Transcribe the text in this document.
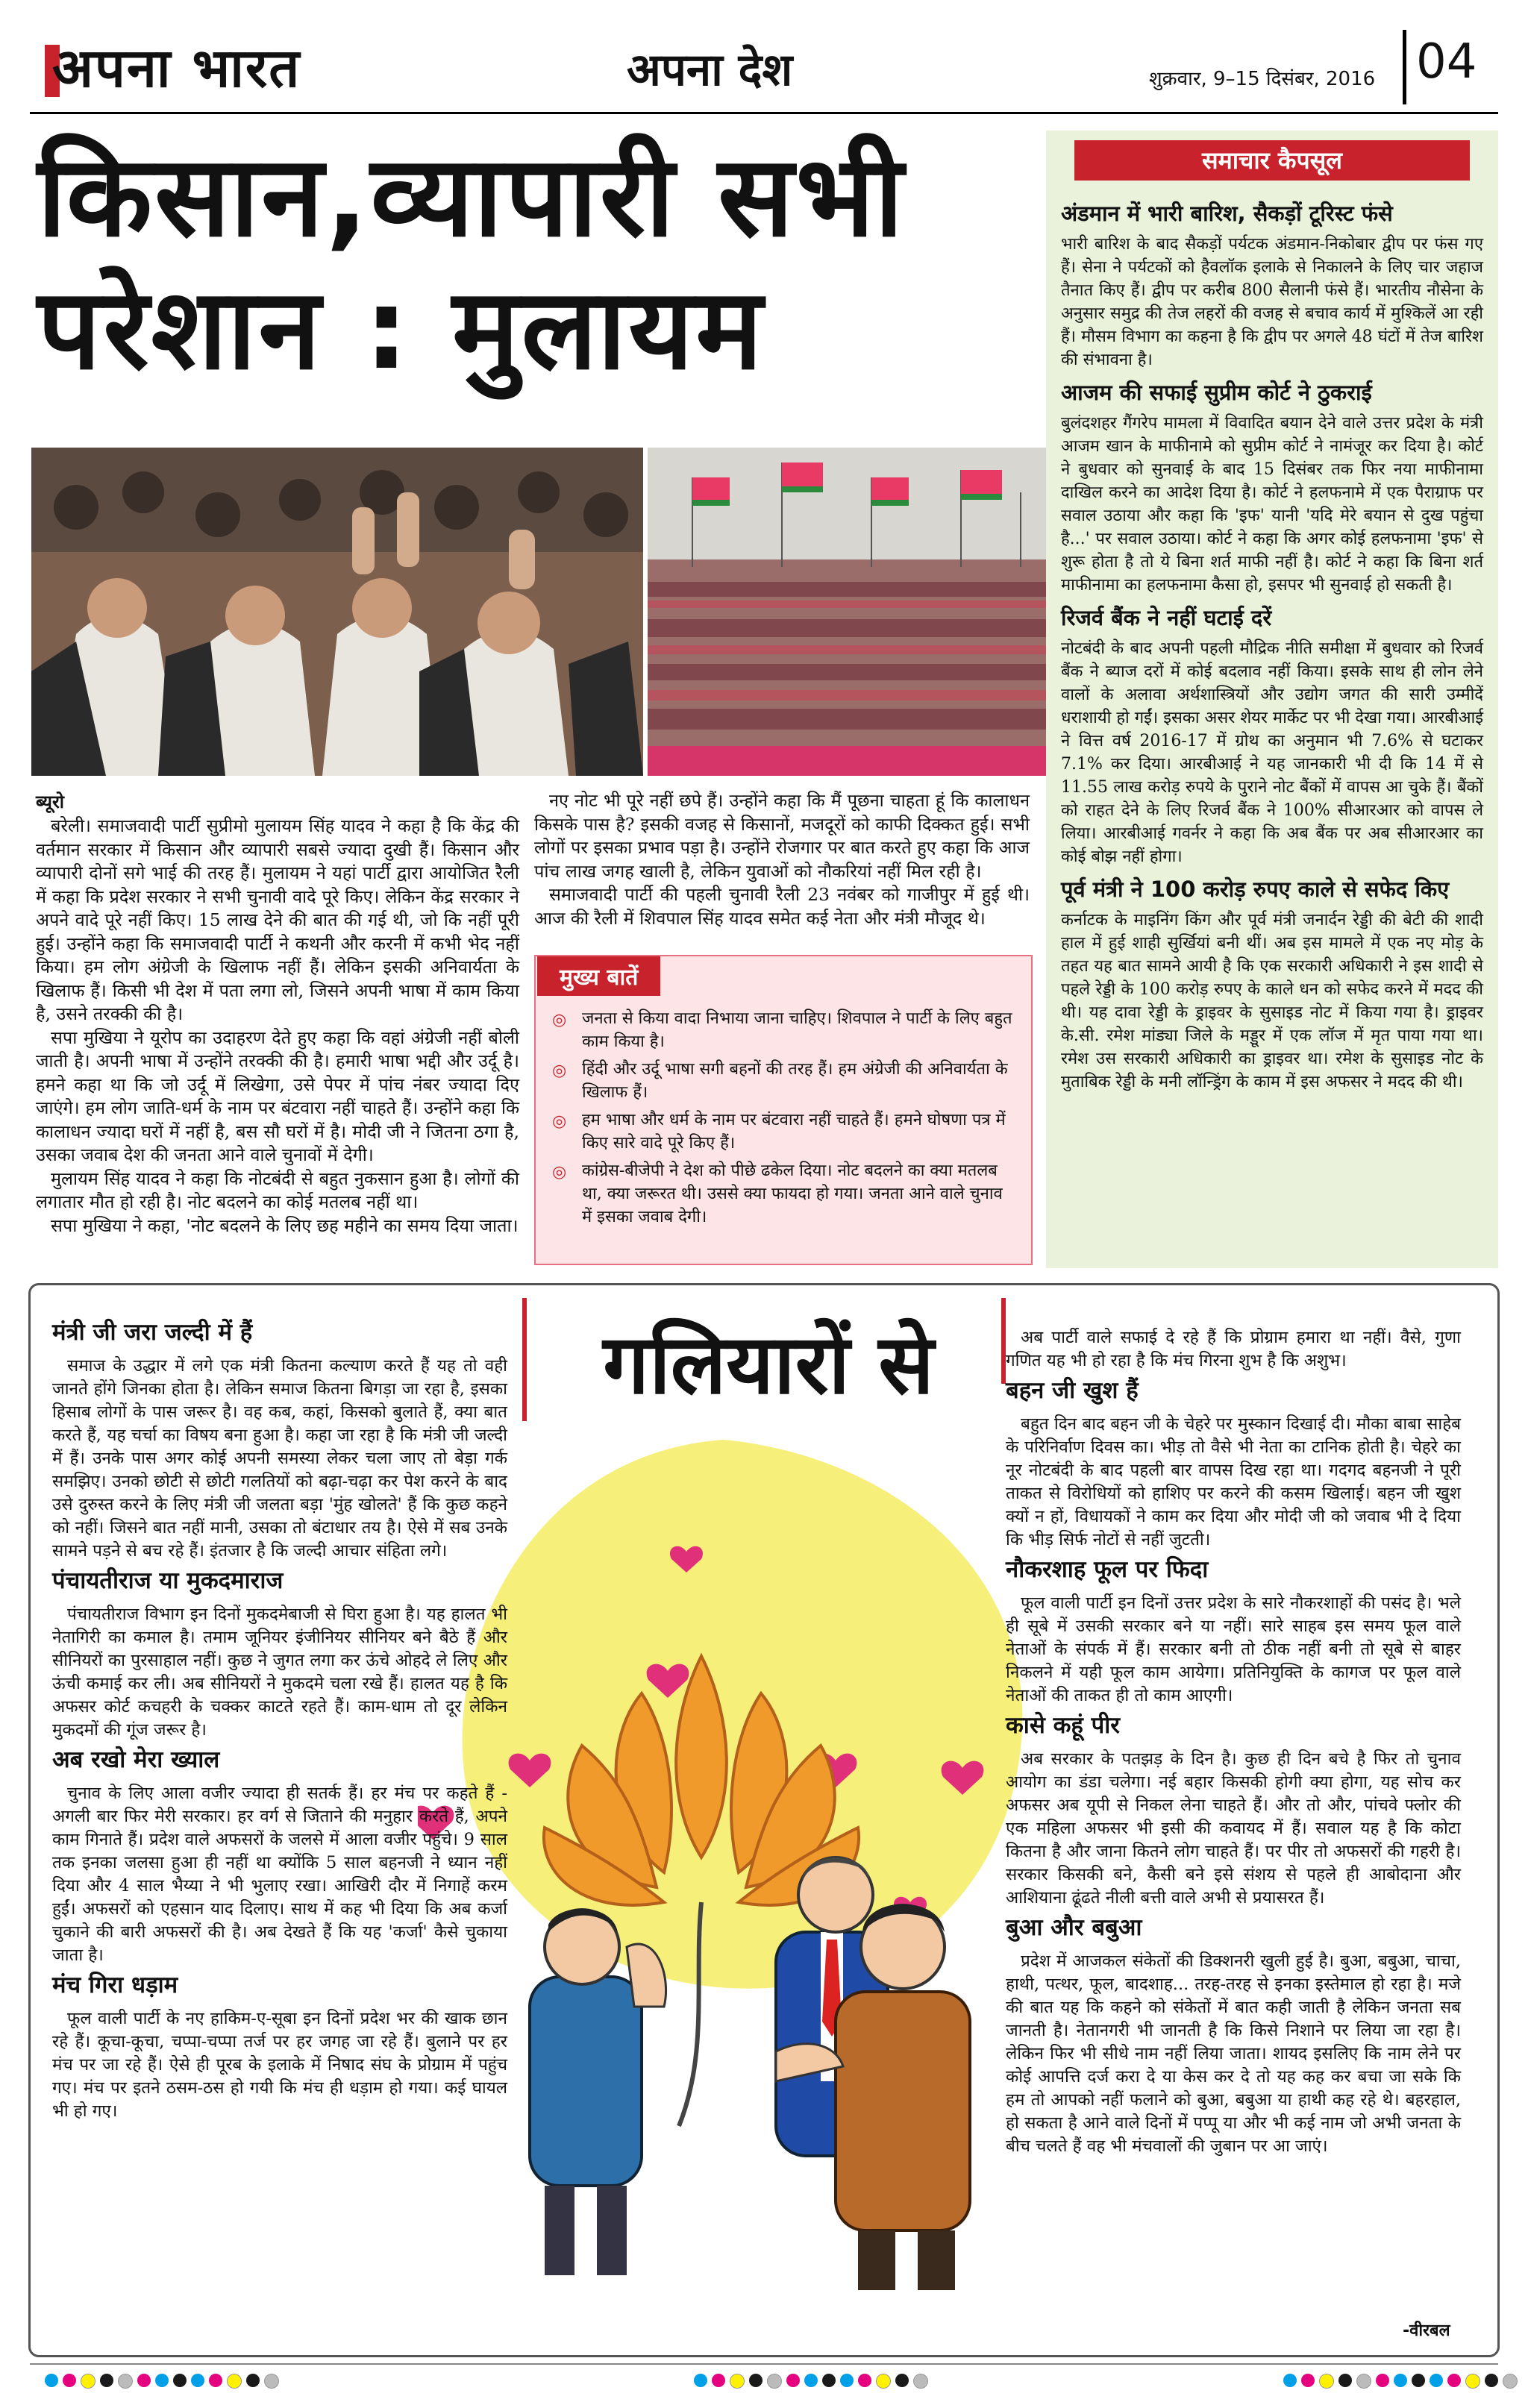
अपना भारत	अपना देश	शुक्रवार, 9–15 दिसंबर, 2016 04
किसान,व्यापारी सभी
परेशान : मुलायम
ब्यूरो

बरेली। समाजवादी पार्टी सुप्रीमो मुलायम सिंह यादव ने कहा है कि केंद्र की वर्तमान सरकार में किसान और व्यापारी सबसे ज्यादा दुखी हैं। किसान और व्यापारी दोनों सगे भाई की तरह हैं। मुलायम ने यहां पार्टी द्वारा आयोजित रैली में कहा कि प्रदेश सरकार ने सभी चुनावी वादे पूरे किए। लेकिन केंद्र सरकार ने अपने वादे पूरे नहीं किए। 15 लाख देने की बात की गई थी, जो कि नहीं पूरी हुई। उन्होंने कहा कि समाजवादी पार्टी ने कथनी और करनी में कभी भेद नहीं किया। हम लोग अंग्रेजी के खिलाफ नहीं हैं। लेकिन इसकी अनिवार्यता के खिलाफ हैं। किसी भी देश में पता लगा लो, जिसने अपनी भाषा में काम किया है, उसने तरक्की की है।

सपा मुखिया ने यूरोप का उदाहरण देते हुए कहा कि वहां अंग्रेजी नहीं बोली जाती है। अपनी भाषा में उन्होंने तरक्की की है। हमारी भाषा भद्दी और उर्दू है। हमने कहा था कि जो उर्दू में लिखेगा, उसे पेपर में पांच नंबर ज्यादा दिए जाएंगे। हम लोग जाति-धर्म के नाम पर बंटवारा नहीं चाहते हैं। उन्होंने कहा कि कालाधन ज्यादा घरों में नहीं है, बस सौ घरों में है। मोदी जी ने जितना ठगा है, उसका जवाब देश की जनता आने वाले चुनावों में देगी।

मुलायम सिंह यादव ने कहा कि नोटबंदी से बहुत नुकसान हुआ है। लोगों की लगातार मौत हो रही है। नोट बदलने का कोई मतलब नहीं था।

सपा मुखिया ने कहा, 'नोट बदलने के लिए छह महीने का समय दिया जाता।

नए नोट भी पूरे नहीं छपे हैं। उन्होंने कहा कि मैं पूछना चाहता हूं कि कालाधन किसके पास है? इसकी वजह से किसानों, मजदूरों को काफी दिक्कत हुई। सभी लोगों पर इसका प्रभाव पड़ा है। उन्होंने रोजगार पर बात करते हुए कहा कि आज पांच लाख जगह खाली है, लेकिन युवाओं को नौकरियां नहीं मिल रही है।

समाजवादी पार्टी की पहली चुनावी रैली 23 नवंबर को गाजीपुर में हुई थी। आज की रैली में शिवपाल सिंह यादव समेत कई नेता और मंत्री मौजूद थे।

मुख्य बातें
◎ जनता से किया वादा निभाया जाना चाहिए। शिवपाल ने पार्टी के लिए बहुत काम किया है।
◎ हिंदी और उर्दू भाषा सगी बहनों की तरह हैं। हम अंग्रेजी की अनिवार्यता के खिलाफ हैं।
◎ हम भाषा और धर्म के नाम पर बंटवारा नहीं चाहते हैं। हमने घोषणा पत्र में किए सारे वादे पूरे किए हैं।
◎ कांग्रेस-बीजेपी ने देश को पीछे ढकेल दिया। नोट बदलने का क्या मतलब था, क्या जरूरत थी। उससे क्या फायदा हो गया। जनता आने वाले चुनाव में इसका जवाब देगी।
समाचार कैपसूल
अंडमान में भारी बारिश, सैकड़ों टूरिस्ट फंसे

भारी बारिश के बाद सैकड़ों पर्यटक अंडमान-निकोबार द्वीप पर फंस गए हैं। सेना ने पर्यटकों को हैवलॉक इलाके से निकालने के लिए चार जहाज तैनात किए हैं। द्वीप पर करीब 800 सैलानी फंसे हैं। भारतीय नौसेना के अनुसार समुद्र की तेज लहरों की वजह से बचाव कार्य में मुश्किलें आ रही हैं। मौसम विभाग का कहना है कि द्वीप पर अगले 48 घंटों में तेज बारिश की संभावना है।

आजम की सफाई सुप्रीम कोर्ट ने ठुकराई

बुलंदशहर गैंगरेप मामला में विवादित बयान देने वाले उत्तर प्रदेश के मंत्री आजम खान के माफीनामे को सुप्रीम कोर्ट ने नामंजूर कर दिया है। कोर्ट ने बुधवार को सुनवाई के बाद 15 दिसंबर तक फिर नया माफीनामा दाखिल करने का आदेश दिया है। कोर्ट ने हलफनामे में एक पैराग्राफ पर सवाल उठाया और कहा कि 'इफ' यानी 'यदि मेरे बयान से दुख पहुंचा है...' पर सवाल उठाया। कोर्ट ने कहा कि अगर कोई हलफनामा 'इफ' से शुरू होता है तो ये बिना शर्त माफी नहीं है। कोर्ट ने कहा कि बिना शर्त माफीनामा का हलफनामा कैसा हो, इसपर भी सुनवाई हो सकती है।

रिजर्व बैंक ने नहीं घटाई दरें

नोटबंदी के बाद अपनी पहली मौद्रिक नीति समीक्षा में बुधवार को रिजर्व बैंक ने ब्याज दरों में कोई बदलाव नहीं किया। इसके साथ ही लोन लेने वालों के अलावा अर्थशास्त्रियों और उद्योग जगत की सारी उम्मीदें धराशायी हो गईं। इसका असर शेयर मार्केट पर भी देखा गया। आरबीआई ने वित्त वर्ष 2016-17 में ग्रोथ का अनुमान भी 7.6% से घटाकर 7.1% कर दिया। आरबीआई ने यह जानकारी भी दी कि 14 में से 11.55 लाख करोड़ रुपये के पुराने नोट बैंकों में वापस आ चुके हैं। बैंकों को राहत देने के लिए रिजर्व बैंक ने 100% सीआरआर को वापस ले लिया। आरबीआई गवर्नर ने कहा कि अब बैंक पर अब सीआरआर का कोई बोझ नहीं होगा।

पूर्व मंत्री ने 100 करोड़ रुपए काले से सफेद किए

कर्नाटक के माइनिंग किंग और पूर्व मंत्री जनार्दन रेड्डी की बेटी की शादी हाल में हुई शाही सुर्खियां बनी थीं। अब इस मामले में एक नए मोड़ के तहत यह बात सामने आयी है कि एक सरकारी अधिकारी ने इस शादी से पहले रेड्डी के 100 करोड़ रुपए के काले धन को सफेद करने में मदद की थी। यह दावा रेड्डी के ड्राइवर के सुसाइड नोट में किया गया है। ड्राइवर के.सी. रमेश मांड्या जिले के मड्डूर में एक लॉज में मृत पाया गया था। रमेश उस सरकारी अधिकारी का ड्राइवर था। रमेश के सुसाइड नोट के मुताबिक रेड्डी के मनी लॉन्ड्रिंग के काम में इस अफसर ने मदद की थी।

गलियारों से
मंत्री जी जरा जल्दी में हैं

समाज के उद्धार में लगे एक मंत्री कितना कल्याण करते हैं यह तो वही जानते होंगे जिनका होता है। लेकिन समाज कितना बिगड़ा जा रहा है, इसका हिसाब लोगों के पास जरूर है। वह कब, कहां, किसको बुलाते हैं, क्या बात करते हैं, यह चर्चा का विषय बना हुआ है। कहा जा रहा है कि मंत्री जी जल्दी में हैं। उनके पास अगर कोई अपनी समस्या लेकर चला जाए तो बेड़ा गर्क समझिए। उनको छोटी से छोटी गलतियों को बढ़ा-चढ़ा कर पेश करने के बाद उसे दुरुस्त करने के लिए मंत्री जी जलता बड़ा 'मुंह खोलते' हैं कि कुछ कहने को नहीं। जिसने बात नहीं मानी, उसका तो बंटाधार तय है। ऐसे में सब उनके सामने पड़ने से बच रहे हैं। इंतजार है कि जल्दी आचार संहिता लगे।

पंचायतीराज या मुकदमाराज

पंचायतीराज विभाग इन दिनों मुकदमेबाजी से घिरा हुआ है। यह हालत भी नेतागिरी का कमाल है। तमाम जूनियर इंजीनियर सीनियर बने बैठे हैं और सीनियरों का पुरसाहाल नहीं। कुछ ने जुगत लगा कर ऊंचे ओहदे ले लिए और ऊंची कमाई कर ली। अब सीनियरों ने मुकदमे चला रखे हैं। हालत यह है कि अफसर कोर्ट कचहरी के चक्कर काटते रहते हैं। काम-धाम तो दूर लेकिन मुकदमों की गूंज जरूर है।

अब रखो मेरा ख्याल

चुनाव के लिए आला वजीर ज्यादा ही सतर्क हैं। हर मंच पर कहते हैं - अगली बार फिर मेरी सरकार। हर वर्ग से जिताने की मनुहार करते हैं, अपने काम गिनाते हैं। प्रदेश वाले अफसरों के जलसे में आला वजीर पहुंचे। 9 साल तक इनका जलसा हुआ ही नहीं था क्योंकि 5 साल बहनजी ने ध्यान नहीं दिया और 4 साल भैय्या ने भी भुलाए रखा। आखिरी दौर में निगाहें करम हुईं। अफसरों को एहसान याद दिलाए। साथ में कह भी दिया कि अब कर्जा चुकाने की बारी अफसरों की है। अब देखते हैं कि यह 'कर्जा' कैसे चुकाया जाता है।

मंच गिरा धड़ाम

फूल वाली पार्टी के नए हाकिम-ए-सूबा इन दिनों प्रदेश भर की खाक छान रहे हैं। कूचा-कूचा, चप्पा-चप्पा तर्ज पर हर जगह जा रहे हैं। बुलाने पर हर मंच पर जा रहे हैं। ऐसे ही पूरब के इलाके में निषाद संघ के प्रोग्राम में पहुंच गए। मंच पर इतने ठसम-ठस हो गयी कि मंच ही धड़ाम हो गया। कई घायल भी हो गए।

अब पार्टी वाले सफाई दे रहे हैं कि प्रोग्राम हमारा था नहीं। वैसे, गुणा गणित यह भी हो रहा है कि मंच गिरना शुभ है कि अशुभ।

बहन जी खुश हैं

बहुत दिन बाद बहन जी के चेहरे पर मुस्कान दिखाई दी। मौका बाबा साहेब के परिनिर्वाण दिवस का। भीड़ तो वैसे भी नेता का टानिक होती है। चेहरे का नूर नोटबंदी के बाद पहली बार वापस दिख रहा था। गदगद बहनजी ने पूरी ताकत से विरोधियों को हाशिए पर करने की कसम खिलाई। बहन जी खुश क्यों न हों, विधायकों ने काम कर दिया और मोदी जी को जवाब भी दे दिया कि भीड़ सिर्फ नोटों से नहीं जुटती।

नौकरशाह फूल पर फिदा

फूल वाली पार्टी इन दिनों उत्तर प्रदेश के सारे नौकरशाहों की पसंद है। भले ही सूबे में उसकी सरकार बने या नहीं। सारे साहब इस समय फूल वाले नेताओं के संपर्क में हैं। सरकार बनी तो ठीक नहीं बनी तो सूबे से बाहर निकलने में यही फूल काम आयेगा। प्रतिनियुक्ति के कागज पर फूल वाले नेताओं की ताकत ही तो काम आएगी।

कासे कहूं पीर

अब सरकार के पतझड़ के दिन है। कुछ ही दिन बचे है फिर तो चुनाव आयोग का डंडा चलेगा। नई बहार किसकी होगी क्या होगा, यह सोच कर अफसर अब यूपी से निकल लेना चाहते हैं। और तो और, पांचवे फ्लोर की एक महिला अफसर भी इसी की कवायद में हैं। सवाल यह है कि कोटा कितना है और जाना कितने लोग चाहते हैं। पर पीर तो अफसरों की गहरी है। सरकार किसकी बने, कैसी बने इसे संशय से पहले ही आबोदाना और आशियाना ढूंढते नीली बत्ती वाले अभी से प्रयासरत हैं।

बुआ और बबुआ

प्रदेश में आजकल संकेतों की डिक्शनरी खुली हुई है। बुआ, बबुआ, चाचा, हाथी, पत्थर, फूल, बादशाह... तरह-तरह से इनका इस्तेमाल हो रहा है। मजे की बात यह कि कहने को संकेतों में बात कही जाती है लेकिन जनता सब जानती है। नेतानगरी भी जानती है कि किसे निशाने पर लिया जा रहा है। लेकिन फिर भी सीधे नाम नहीं लिया जाता। शायद इसलिए कि नाम लेने पर कोई आपत्ति दर्ज करा दे या केस कर दे तो यह कह कर बचा जा सके कि हम तो आपको नहीं फलाने को बुआ, बबुआ या हाथी कह रहे थे। बहरहाल, हो सकता है आने वाले दिनों में पप्पू या और भी कई नाम जो अभी जनता के बीच चलते हैं वह भी मंचवालों की जुबान पर आ जाएं।

-वीरबल
